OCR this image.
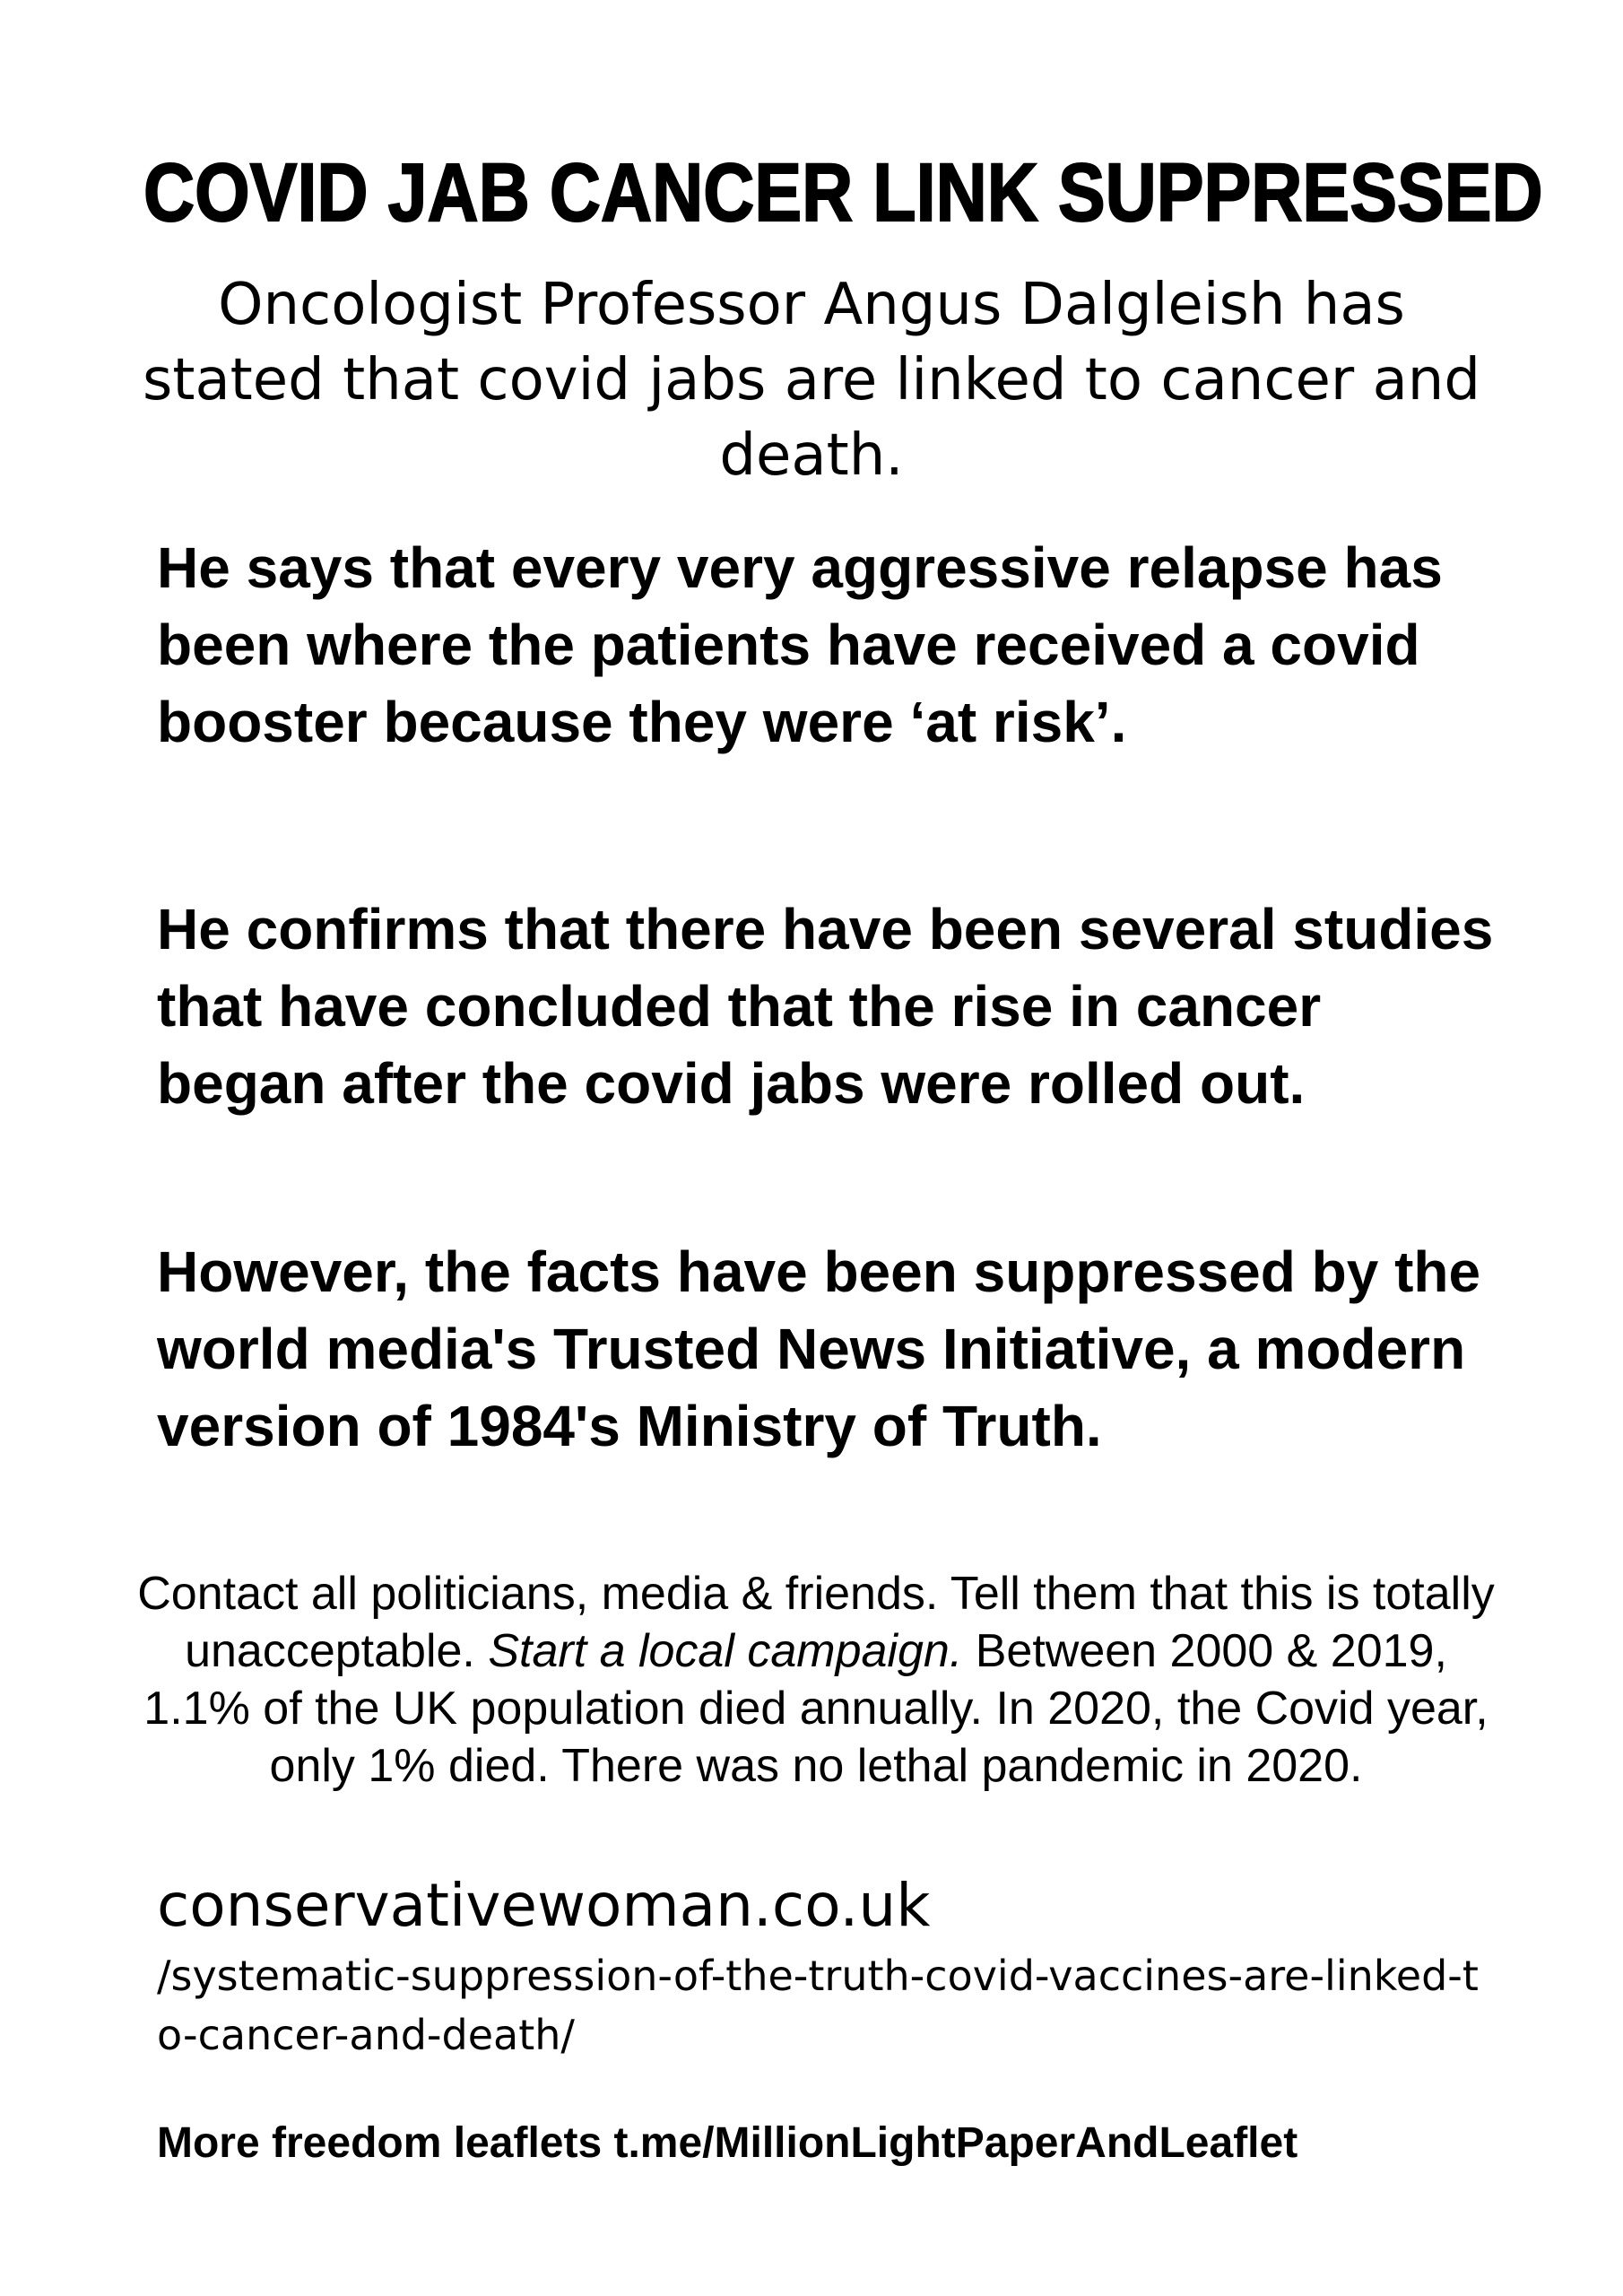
COVID JAB CANCER LINK SUPPRESSED
Oncologist Professor Angus Dalgleish has stated that covid jabs are linked to cancer and death.
He says that every very aggressive relapse has been where the patients have received a covid booster because they were ‘at risk’.
He confirms that there have been several studies that have concluded that the rise in cancer began after the covid jabs were rolled out.
However, the facts have been suppressed by the world media's Trusted News Initiative, a modern version of 1984's Ministry of Truth.
Contact all politicians, media & friends. Tell them that this is totally unacceptable. Start a local campaign. Between 2000 & 2019, 1.1% of the UK population died annually. In 2020, the Covid year, only 1% died. There was no lethal pandemic in 2020.
conservativewoman.co.uk
/systematic-suppression-of-the-truth-covid-vaccines-are-linked-to-cancer-and-death/
More freedom leaflets t.me/MillionLightPaperAndLeaflet
